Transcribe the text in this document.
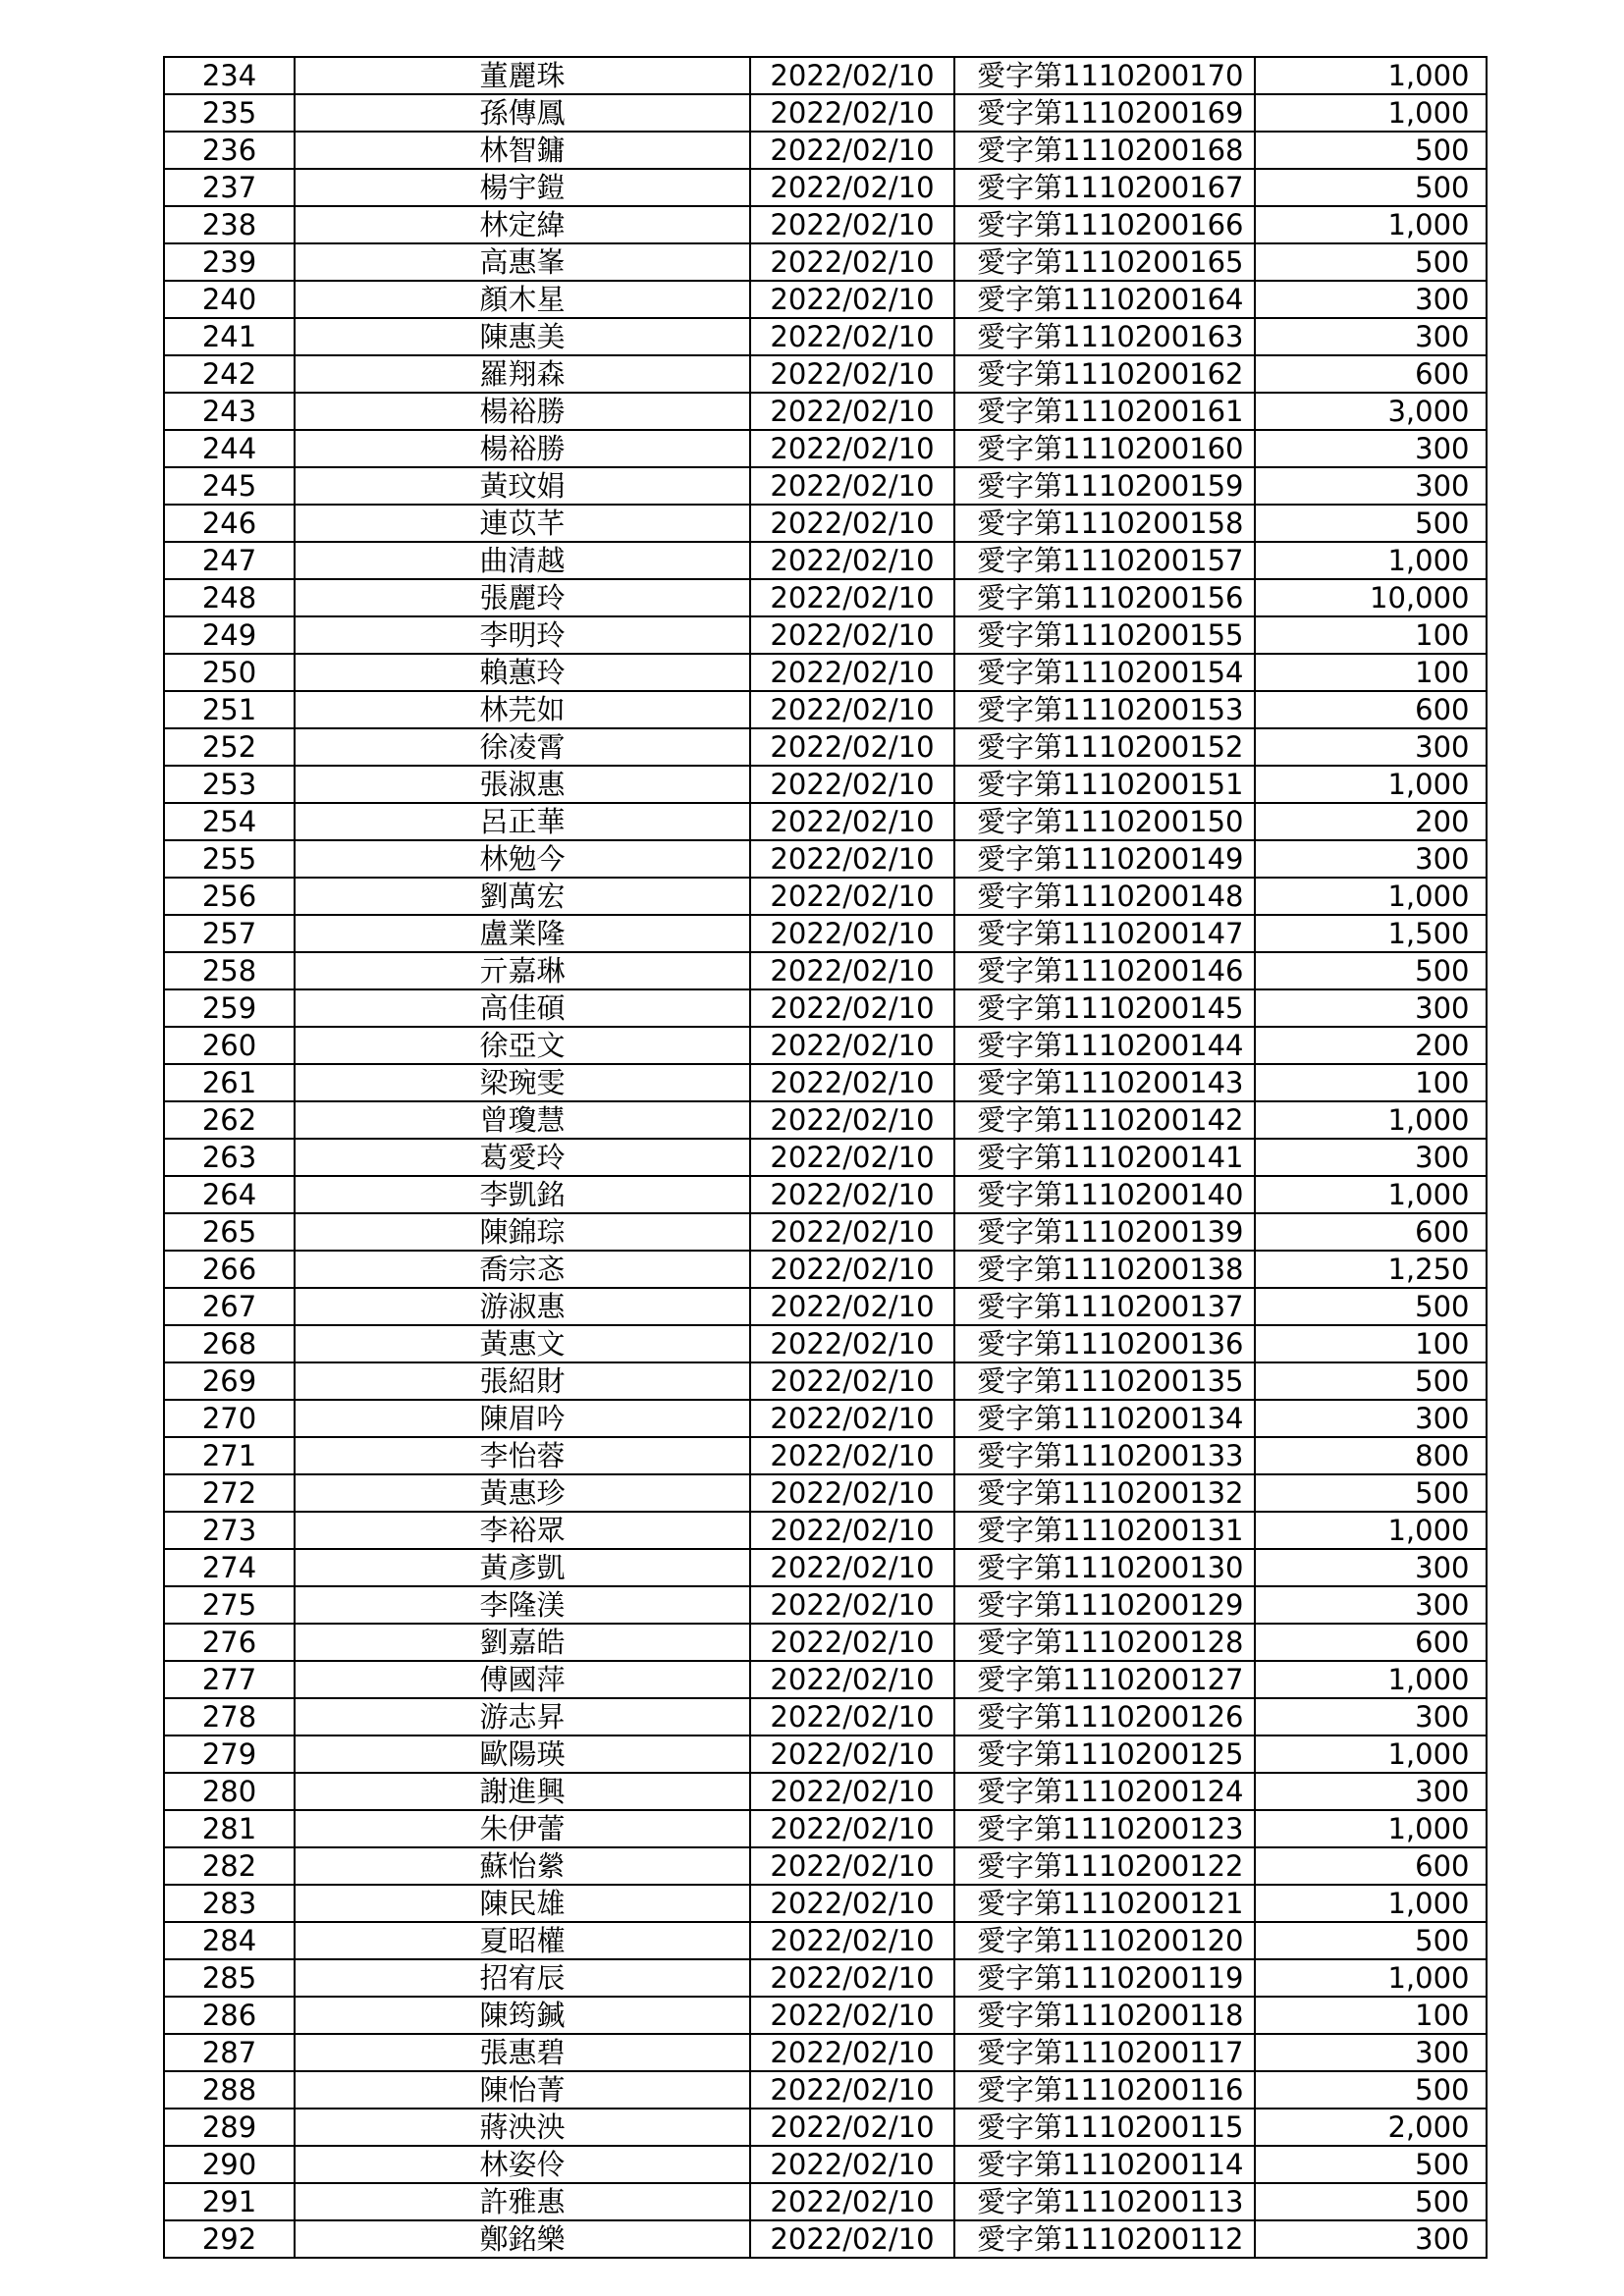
234	董麗珠	2022/02/10	愛字第1110200170	1,000
235	孫傳鳳	2022/02/10	愛字第1110200169	1,000
236	林智鏞	2022/02/10	愛字第1110200168	500
237	楊宇鎧	2022/02/10	愛字第1110200167	500
238	林定緯	2022/02/10	愛字第1110200166	1,000
239	高惠峯	2022/02/10	愛字第1110200165	500
240	顏木星	2022/02/10	愛字第1110200164	300
241	陳惠美	2022/02/10	愛字第1110200163	300
242	羅翔森	2022/02/10	愛字第1110200162	600
243	楊裕勝	2022/02/10	愛字第1110200161	3,000
244	楊裕勝	2022/02/10	愛字第1110200160	300
245	黃玟娟	2022/02/10	愛字第1110200159	300
246	連苡芊	2022/02/10	愛字第1110200158	500
247	曲清越	2022/02/10	愛字第1110200157	1,000
248	張麗玲	2022/02/10	愛字第1110200156	10,000
249	李明玲	2022/02/10	愛字第1110200155	100
250	賴蕙玲	2022/02/10	愛字第1110200154	100
251	林芫如	2022/02/10	愛字第1110200153	600
252	徐凌霄	2022/02/10	愛字第1110200152	300
253	張淑惠	2022/02/10	愛字第1110200151	1,000
254	呂正華	2022/02/10	愛字第1110200150	200
255	林勉今	2022/02/10	愛字第1110200149	300
256	劉萬宏	2022/02/10	愛字第1110200148	1,000
257	盧業隆	2022/02/10	愛字第1110200147	1,500
258	亓嘉琳	2022/02/10	愛字第1110200146	500
259	高佳碩	2022/02/10	愛字第1110200145	300
260	徐亞文	2022/02/10	愛字第1110200144	200
261	梁琬雯	2022/02/10	愛字第1110200143	100
262	曾瓊慧	2022/02/10	愛字第1110200142	1,000
263	葛愛玲	2022/02/10	愛字第1110200141	300
264	李凱銘	2022/02/10	愛字第1110200140	1,000
265	陳錦琮	2022/02/10	愛字第1110200139	600
266	喬宗忞	2022/02/10	愛字第1110200138	1,250
267	游淑惠	2022/02/10	愛字第1110200137	500
268	黃惠文	2022/02/10	愛字第1110200136	100
269	張紹財	2022/02/10	愛字第1110200135	500
270	陳眉吟	2022/02/10	愛字第1110200134	300
271	李怡蓉	2022/02/10	愛字第1110200133	800
272	黃惠珍	2022/02/10	愛字第1110200132	500
273	李裕眾	2022/02/10	愛字第1110200131	1,000
274	黃彥凱	2022/02/10	愛字第1110200130	300
275	李隆渼	2022/02/10	愛字第1110200129	300
276	劉嘉皓	2022/02/10	愛字第1110200128	600
277	傅國萍	2022/02/10	愛字第1110200127	1,000
278	游志昇	2022/02/10	愛字第1110200126	300
279	歐陽瑛	2022/02/10	愛字第1110200125	1,000
280	謝進興	2022/02/10	愛字第1110200124	300
281	朱伊蕾	2022/02/10	愛字第1110200123	1,000
282	蘇怡縈	2022/02/10	愛字第1110200122	600
283	陳民雄	2022/02/10	愛字第1110200121	1,000
284	夏昭權	2022/02/10	愛字第1110200120	500
285	招宥辰	2022/02/10	愛字第1110200119	1,000
286	陳筠鍼	2022/02/10	愛字第1110200118	100
287	張惠碧	2022/02/10	愛字第1110200117	300
288	陳怡菁	2022/02/10	愛字第1110200116	500
289	蔣泱泱	2022/02/10	愛字第1110200115	2,000
290	林姿伶	2022/02/10	愛字第1110200114	500
291	許雅惠	2022/02/10	愛字第1110200113	500
292	鄭銘樂	2022/02/10	愛字第1110200112	300
